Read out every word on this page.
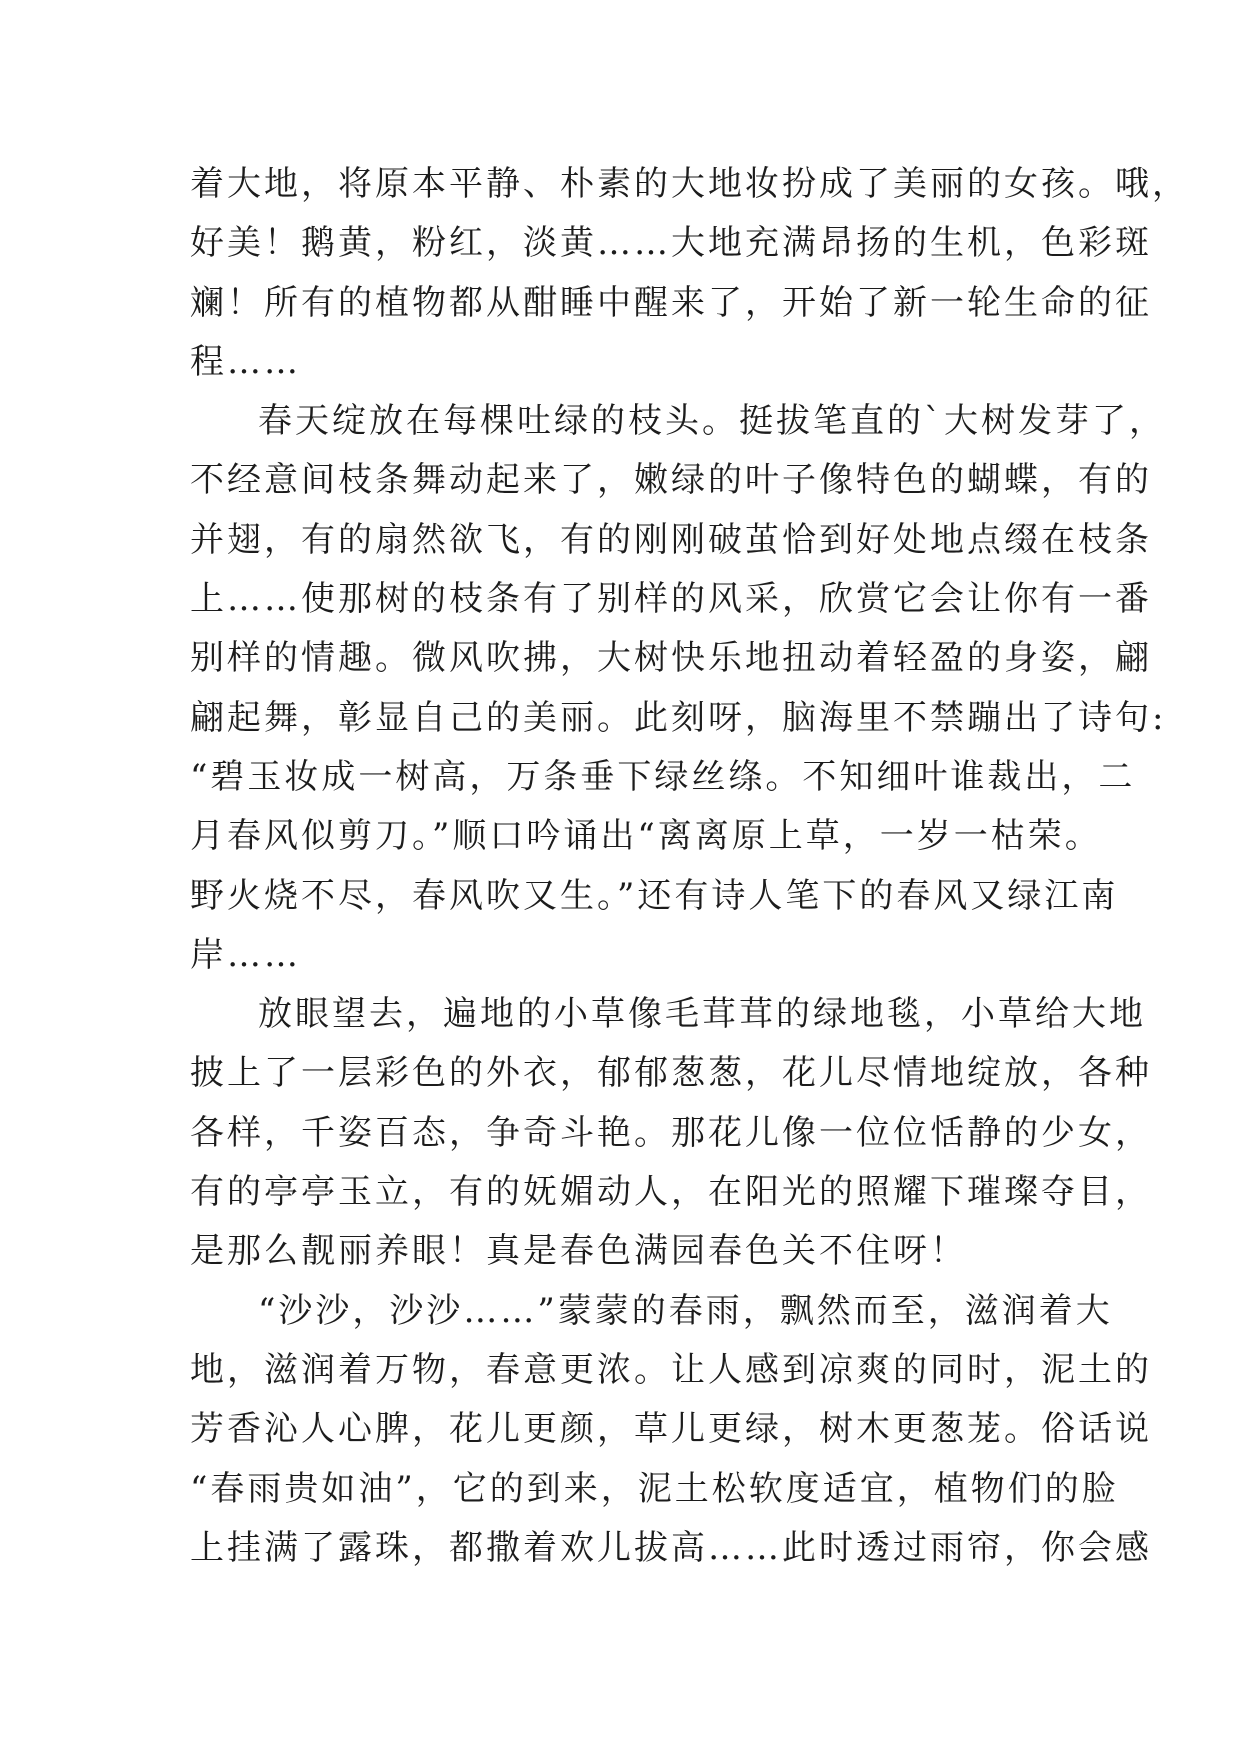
着大地，将原本平静、朴素的大地妆扮成了美丽的女孩。哦，
好美！鹅黄，粉红，淡黄……大地充满昂扬的生机，色彩斑
斓！所有的植物都从酣睡中醒来了，开始了新一轮生命的征
程……
春天绽放在每棵吐绿的枝头。挺拔笔直的`大树发芽了，
不经意间枝条舞动起来了，嫩绿的叶子像特色的蝴蝶，有的
并翅，有的扇然欲飞，有的刚刚破茧恰到好处地点缀在枝条
上……使那树的枝条有了别样的风采，欣赏它会让你有一番
别样的情趣。微风吹拂，大树快乐地扭动着轻盈的身姿，翩
翩起舞，彰显自己的美丽。此刻呀，脑海里不禁蹦出了诗句:
“碧玉妆成一树高，万条垂下绿丝绦。不知细叶谁裁出，二
月春风似剪刀。”顺口吟诵出“离离原上草，一岁一枯荣。
野火烧不尽，春风吹又生。”还有诗人笔下的春风又绿江南
岸……
放眼望去，遍地的小草像毛茸茸的绿地毯，小草给大地
披上了一层彩色的外衣，郁郁葱葱，花儿尽情地绽放，各种
各样，千姿百态，争奇斗艳。那花儿像一位位恬静的少女，
有的亭亭玉立，有的妩媚动人，在阳光的照耀下璀璨夺目，
是那么靓丽养眼！真是春色满园春色关不住呀！
“沙沙，沙沙……”蒙蒙的春雨，飘然而至，滋润着大
地，滋润着万物，春意更浓。让人感到凉爽的同时，泥土的
芳香沁人心脾，花儿更颜，草儿更绿，树木更葱茏。俗话说
“春雨贵如油”，它的到来，泥土松软度适宜，植物们的脸
上挂满了露珠，都撒着欢儿拔高……此时透过雨帘，你会感
